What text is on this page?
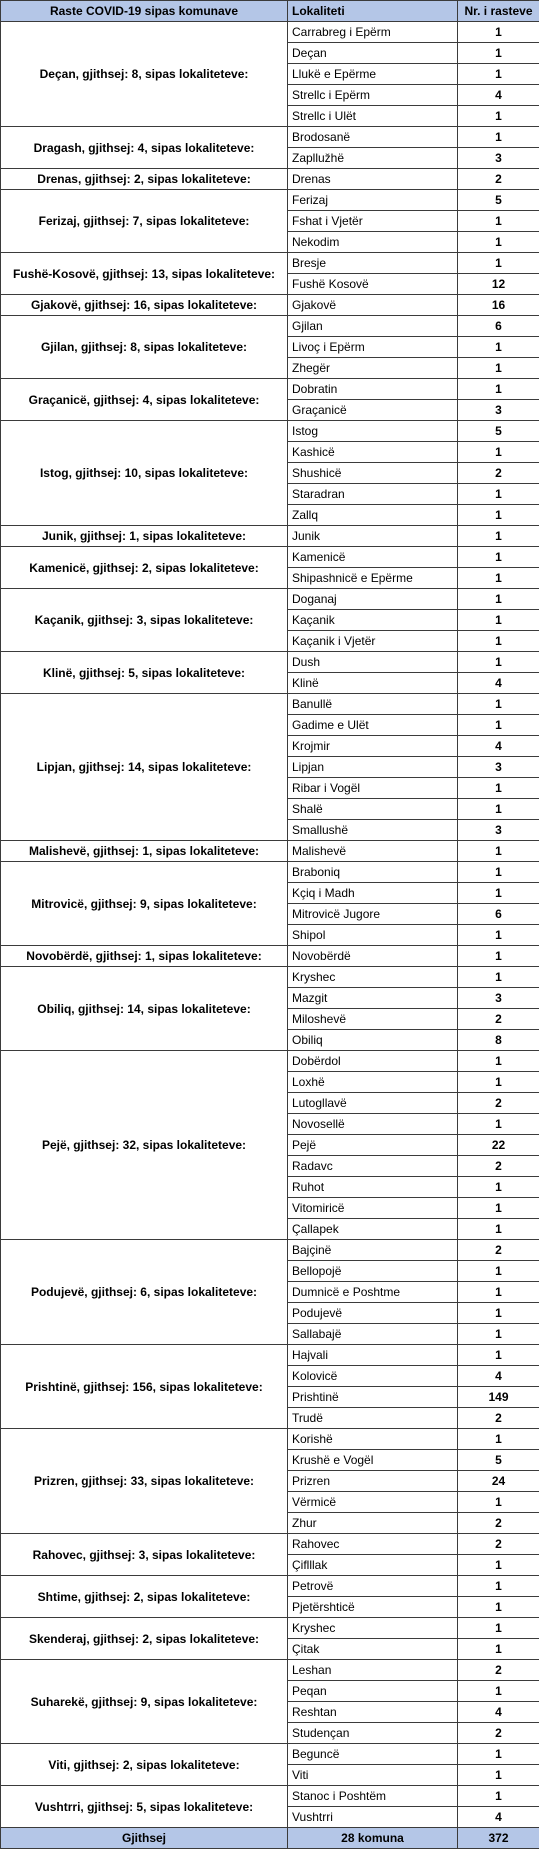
Raste COVID-19 sipas komunave	Lokaliteti	Nr. i rasteve
Deçan, gjithsej: 8, sipas lokaliteteve:	Carrabreg i Epërm	1
	Deçan	1
	Llukë e Epërme	1
	Strellc i Epërm	4
	Strellc i Ulët	1
Dragash, gjithsej: 4, sipas lokaliteteve:	Brodosanë	1
	Zapllužhë	3
Drenas, gjithsej: 2, sipas lokaliteteve:	Drenas	2
Ferizaj, gjithsej: 7, sipas lokaliteteve:	Ferizaj	5
	Fshat i Vjetër	1
	Nekodim	1
Fushë-Kosovë, gjithsej: 13, sipas lokaliteteve:	Bresje	1
	Fushë Kosovë	12
Gjakovë, gjithsej: 16, sipas lokaliteteve:	Gjakovë	16
Gjilan, gjithsej: 8, sipas lokaliteteve:	Gjilan	6
	Livoç i Epërm	1
	Zhegër	1
Graçanicë, gjithsej: 4, sipas lokaliteteve:	Dobratin	1
	Graçanicë	3
Istog, gjithsej: 10, sipas lokaliteteve:	Istog	5
	Kashicë	1
	Shushicë	2
	Staradran	1
	Zallq	1
Junik, gjithsej: 1, sipas lokaliteteve:	Junik	1
Kamenicë, gjithsej: 2, sipas lokaliteteve:	Kamenicë	1
	Shipashnicë e Epërme	1
Kaçanik, gjithsej: 3, sipas lokaliteteve:	Doganaj	1
	Kaçanik	1
	Kaçanik i Vjetër	1
Klinë, gjithsej: 5, sipas lokaliteteve:	Dush	1
	Klinë	4
Lipjan, gjithsej: 14, sipas lokaliteteve:	Banullë	1
	Gadime e Ulët	1
	Krojmir	4
	Lipjan	3
	Ribar i Vogël	1
	Shalë	1
	Smallushë	3
Malishevë, gjithsej: 1, sipas lokaliteteve:	Malishevë	1
Mitrovicë, gjithsej: 9, sipas lokaliteteve:	Braboniq	1
	Kçiq i Madh	1
	Mitrovicë Jugore	6
	Shipol	1
Novobërdë, gjithsej: 1, sipas lokaliteteve:	Novobërdë	1
Obiliq, gjithsej: 14, sipas lokaliteteve:	Kryshec	1
	Mazgit	3
	Miloshevë	2
	Obiliq	8
Pejë, gjithsej: 32, sipas lokaliteteve:	Dobërdol	1
	Loxhë	1
	Lutogllavë	2
	Novosellë	1
	Pejë	22
	Radavc	2
	Ruhot	1
	Vitomiricë	1
	Çallapek	1
Podujevë, gjithsej: 6, sipas lokaliteteve:	Bajçinë	2
	Bellopojë	1
	Dumnicë e Poshtme	1
	Podujevë	1
	Sallabajë	1
Prishtinë, gjithsej: 156, sipas lokaliteteve:	Hajvali	1
	Kolovicë	4
	Prishtinë	149
	Trudë	2
Prizren, gjithsej: 33, sipas lokaliteteve:	Korishë	1
	Krushë e Vogël	5
	Prizren	24
	Vërmicë	1
	Zhur	2
Rahovec, gjithsej: 3, sipas lokaliteteve:	Rahovec	2
	Çiflllak	1
Shtime, gjithsej: 2, sipas lokaliteteve:	Petrovë	1
	Pjetërshticë	1
Skenderaj, gjithsej: 2, sipas lokaliteteve:	Kryshec	1
	Çitak	1
Suharekë, gjithsej: 9, sipas lokaliteteve:	Leshan	2
	Peqan	1
	Reshtan	4
	Studençan	2
Viti, gjithsej: 2, sipas lokaliteteve:	Beguncë	1
	Viti	1
Vushtrri, gjithsej: 5, sipas lokaliteteve:	Stanoc i Poshtëm	1
	Vushtrri	4
Gjithsej	28 komuna	372
